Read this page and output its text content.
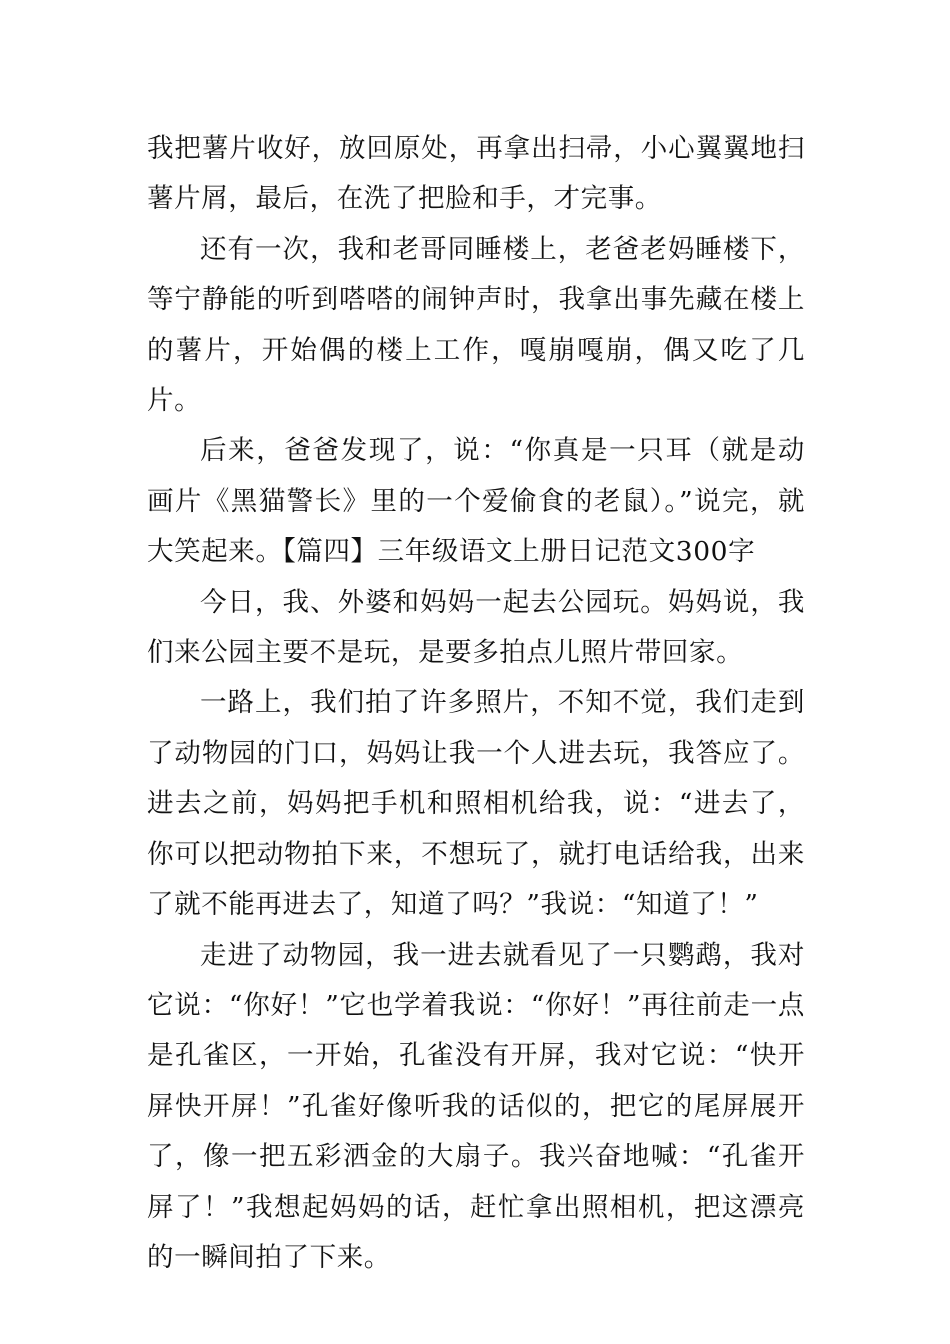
我把薯片收好，放回原处，再拿出扫帚，小心翼翼地扫薯片屑，最后，在洗了把脸和手，才完事。

还有一次，我和老哥同睡楼上，老爸老妈睡楼下，等宁静能的听到嗒嗒的闹钟声时，我拿出事先藏在楼上的薯片，开始偶的楼上工作，嘎崩嘎崩，偶又吃了几片。

后来，爸爸发现了，说：“你真是一只耳（就是动画片《黑猫警长》里的一个爱偷食的老鼠）。”说完，就大笑起来。【篇四】三年级语文上册日记范文300字

今日，我、外婆和妈妈一起去公园玩。妈妈说，我们来公园主要不是玩，是要多拍点儿照片带回家。

一路上，我们拍了许多照片，不知不觉，我们走到了动物园的门口，妈妈让我一个人进去玩，我答应了。进去之前，妈妈把手机和照相机给我，说：“进去了，你可以把动物拍下来，不想玩了，就打电话给我，出来了就不能再进去了，知道了吗？”我说：“知道了！”

走进了动物园，我一进去就看见了一只鹦鹉，我对它说：“你好！”它也学着我说：“你好！”再往前走一点是孔雀区，一开始，孔雀没有开屏，我对它说：“快开屏快开屏！”孔雀好像听我的话似的，把它的尾屏展开了，像一把五彩洒金的大扇子。我兴奋地喊：“孔雀开屏了！”我想起妈妈的话，赶忙拿出照相机，把这漂亮的一瞬间拍了下来。
